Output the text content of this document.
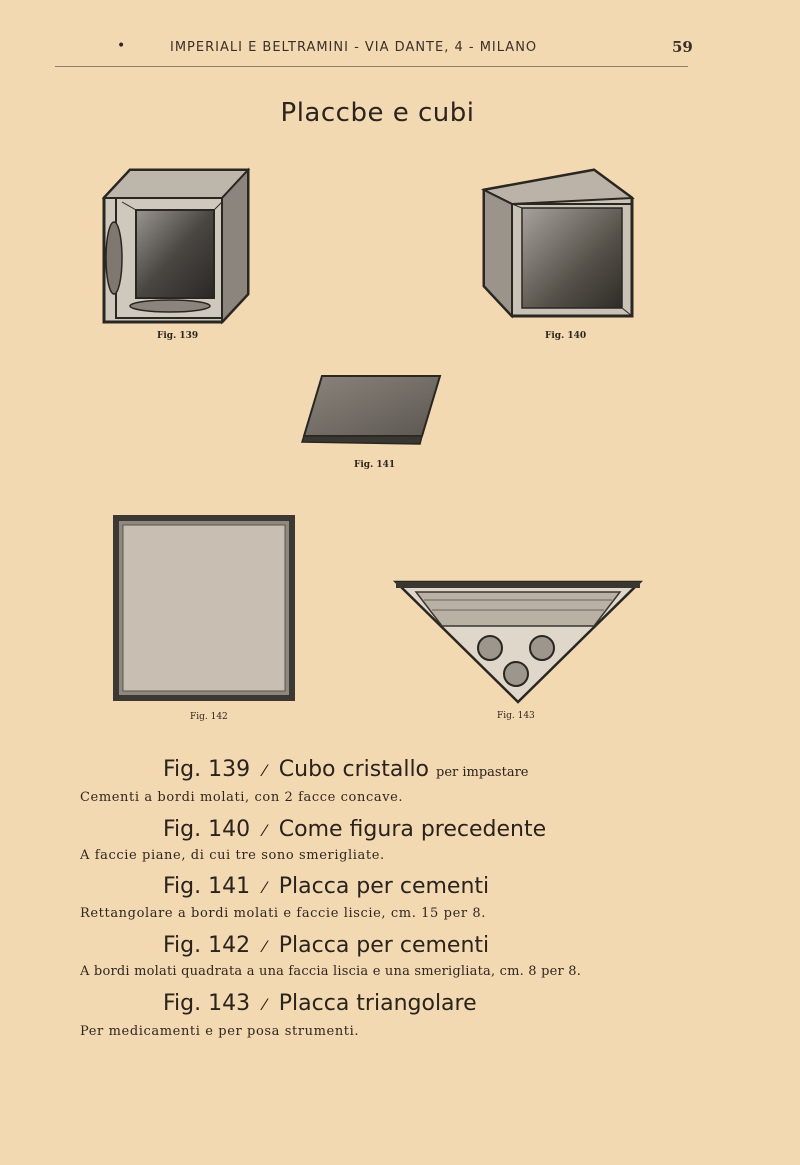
•	IMPERIALI E BELTRAMINI - VIA DANTE, 4 - MILANO	59
Placcbe e cubi
Fig. 139	Fig. 140
Fig. 141
Fig. 142	Fig. 143
Fig. 139 ⁄ Cubo cristallo per impastare
Cementi a bordi molati, con 2 facce concave.
Fig. 140 ⁄ Come figura precedente
A faccie piane, di cui tre sono smerigliate.
Fig. 141 ⁄ Placca per cementi
Rettangolare a bordi molati e faccie liscie, cm. 15 per 8.
Fig. 142 ⁄ Placca per cementi
A bordi molati quadrata a una faccia liscia e una smerigliata, cm. 8 per 8.
Fig. 143 ⁄ Placca triangolare
Per medicamenti e per posa strumenti.
